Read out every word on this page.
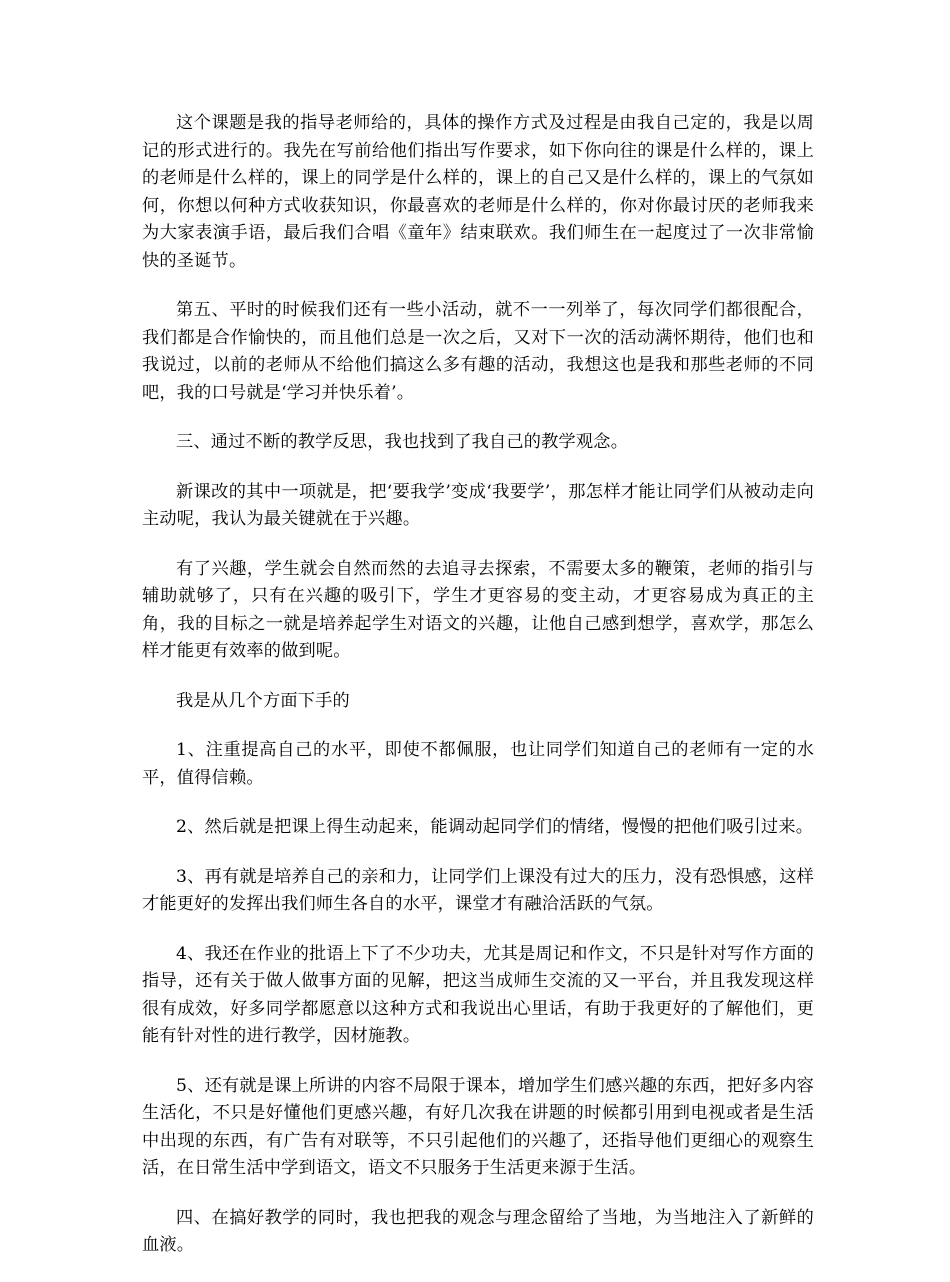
这个课题是我的指导老师给的，具体的操作方式及过程是由我自己定的，我是以周记的形式进行的。我先在写前给他们指出写作要求，如下你向往的课是什么样的，课上的老师是什么样的，课上的同学是什么样的，课上的自己又是什么样的，课上的气氛如何，你想以何种方式收获知识，你最喜欢的老师是什么样的，你对你最讨厌的老师我来为大家表演手语，最后我们合唱《童年》结束联欢。我们师生在一起度过了一次非常愉快的圣诞节。

第五、平时的时候我们还有一些小活动，就不一一列举了，每次同学们都很配合，我们都是合作愉快的，而且他们总是一次之后，又对下一次的活动满怀期待，他们也和我说过，以前的老师从不给他们搞这么多有趣的活动，我想这也是我和那些老师的不同吧，我的口号就是‘学习并快乐着’。

三、通过不断的教学反思，我也找到了我自己的教学观念。

新课改的其中一项就是，把‘要我学’变成‘我要学’，那怎样才能让同学们从被动走向主动呢，我认为最关键就在于兴趣。

有了兴趣，学生就会自然而然的去追寻去探索，不需要太多的鞭策，老师的指引与辅助就够了，只有在兴趣的吸引下，学生才更容易的变主动，才更容易成为真正的主角，我的目标之一就是培养起学生对语文的兴趣，让他自己感到想学，喜欢学，那怎么样才能更有效率的做到呢。

我是从几个方面下手的

1、注重提高自己的水平，即使不都佩服，也让同学们知道自己的老师有一定的水平，值得信赖。

2、然后就是把课上得生动起来，能调动起同学们的情绪，慢慢的把他们吸引过来。

3、再有就是培养自己的亲和力，让同学们上课没有过大的压力，没有恐惧感，这样才能更好的发挥出我们师生各自的水平，课堂才有融洽活跃的气氛。

4、我还在作业的批语上下了不少功夫，尤其是周记和作文，不只是针对写作方面的指导，还有关于做人做事方面的见解，把这当成师生交流的又一平台，并且我发现这样很有成效，好多同学都愿意以这种方式和我说出心里话，有助于我更好的了解他们，更能有针对性的进行教学，因材施教。

5、还有就是课上所讲的内容不局限于课本，增加学生们感兴趣的东西，把好多内容生活化，不只是好懂他们更感兴趣，有好几次我在讲题的时候都引用到电视或者是生活中出现的东西，有广告有对联等，不只引起他们的兴趣了，还指导他们更细心的观察生活，在日常生活中学到语文，语文不只服务于生活更来源于生活。

四、在搞好教学的同时，我也把我的观念与理念留给了当地，为当地注入了新鲜的血液。
